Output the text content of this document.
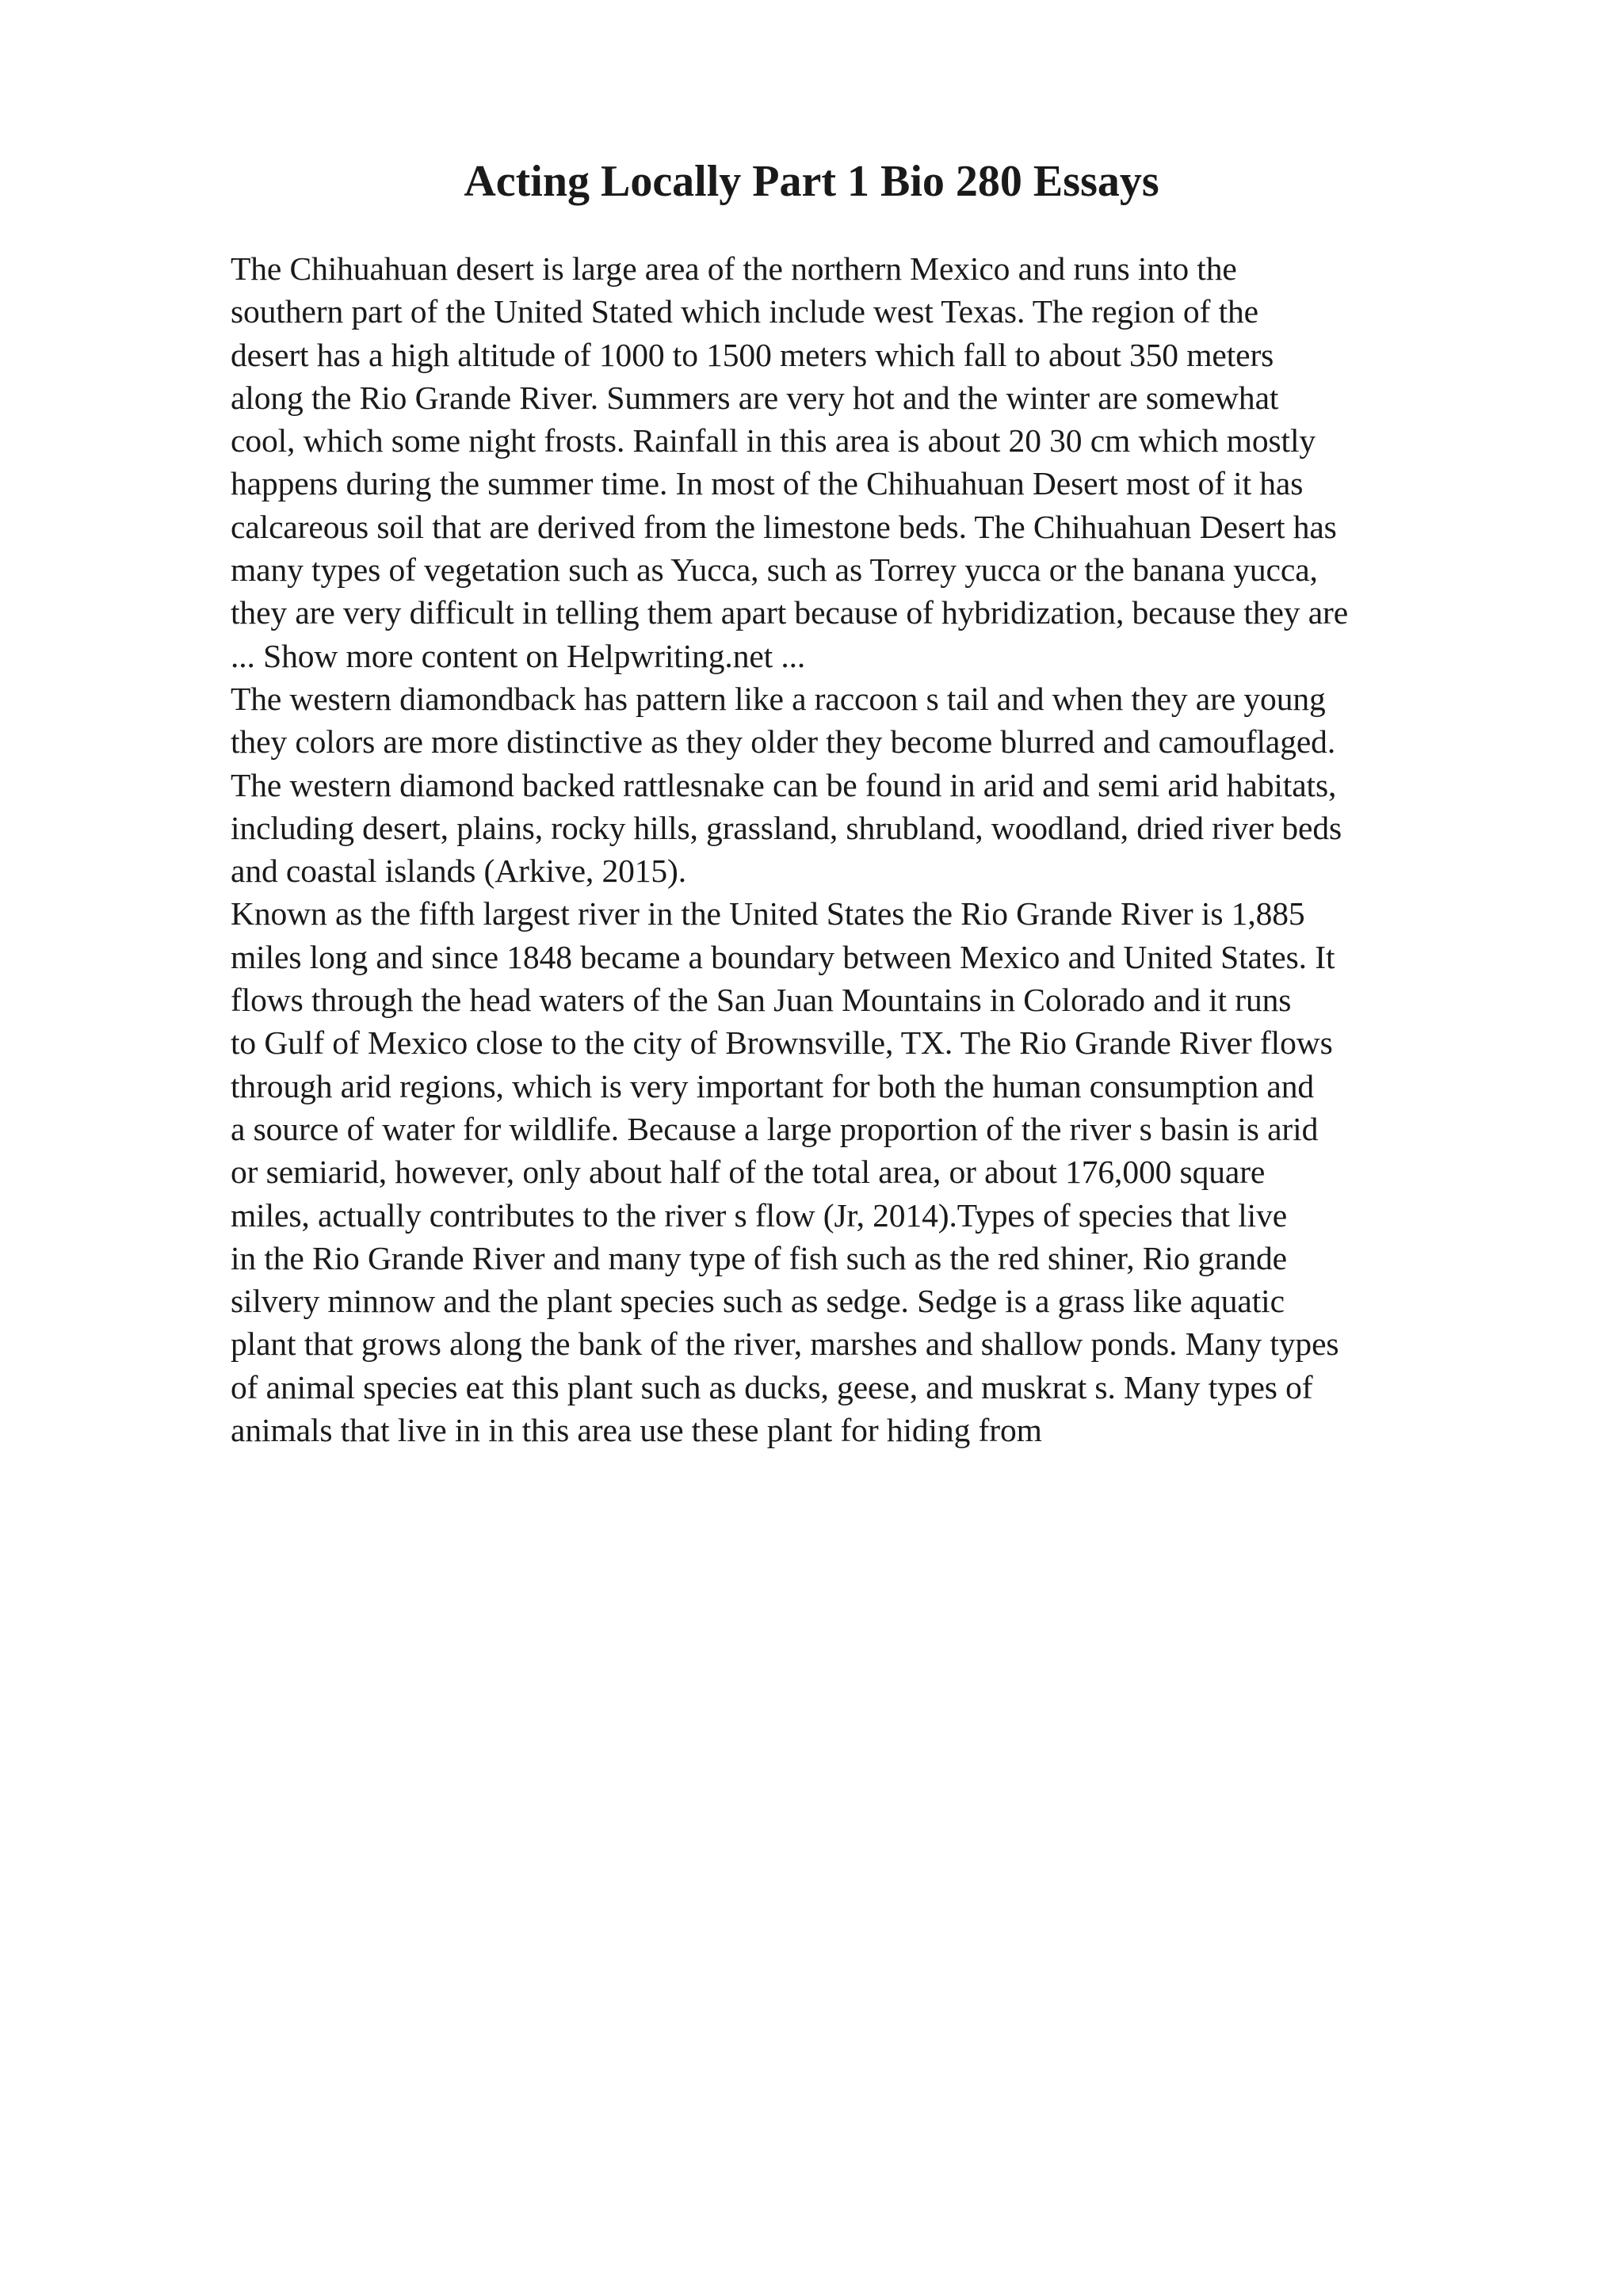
Acting Locally Part 1 Bio 280 Essays
The Chihuahuan desert is large area of the northern Mexico and runs into the
southern part of the United Stated which include west Texas. The region of the
desert has a high altitude of 1000 to 1500 meters which fall to about 350 meters
along the Rio Grande River. Summers are very hot and the winter are somewhat
cool, which some night frosts. Rainfall in this area is about 20 30 cm which mostly
happens during the summer time. In most of the Chihuahuan Desert most of it has
calcareous soil that are derived from the limestone beds. The Chihuahuan Desert has
many types of vegetation such as Yucca, such as Torrey yucca or the banana yucca,
they are very difficult in telling them apart because of hybridization, because they are
... Show more content on Helpwriting.net ...
The western diamondback has pattern like a raccoon s tail and when they are young
they colors are more distinctive as they older they become blurred and camouflaged.
The western diamond backed rattlesnake can be found in arid and semi arid habitats,
including desert, plains, rocky hills, grassland, shrubland, woodland, dried river beds
and coastal islands (Arkive, 2015).
Known as the fifth largest river in the United States the Rio Grande River is 1,885
miles long and since 1848 became a boundary between Mexico and United States. It
flows through the head waters of the San Juan Mountains in Colorado and it runs
to Gulf of Mexico close to the city of Brownsville, TX. The Rio Grande River flows
through arid regions, which is very important for both the human consumption and
a source of water for wildlife. Because a large proportion of the river s basin is arid
or semiarid, however, only about half of the total area, or about 176,000 square
miles, actually contributes to the river s flow (Jr, 2014).Types of species that live
in the Rio Grande River and many type of fish such as the red shiner, Rio grande
silvery minnow and the plant species such as sedge. Sedge is a grass like aquatic
plant that grows along the bank of the river, marshes and shallow ponds. Many types
of animal species eat this plant such as ducks, geese, and muskrat s. Many types of
animals that live in in this area use these plant for hiding from
